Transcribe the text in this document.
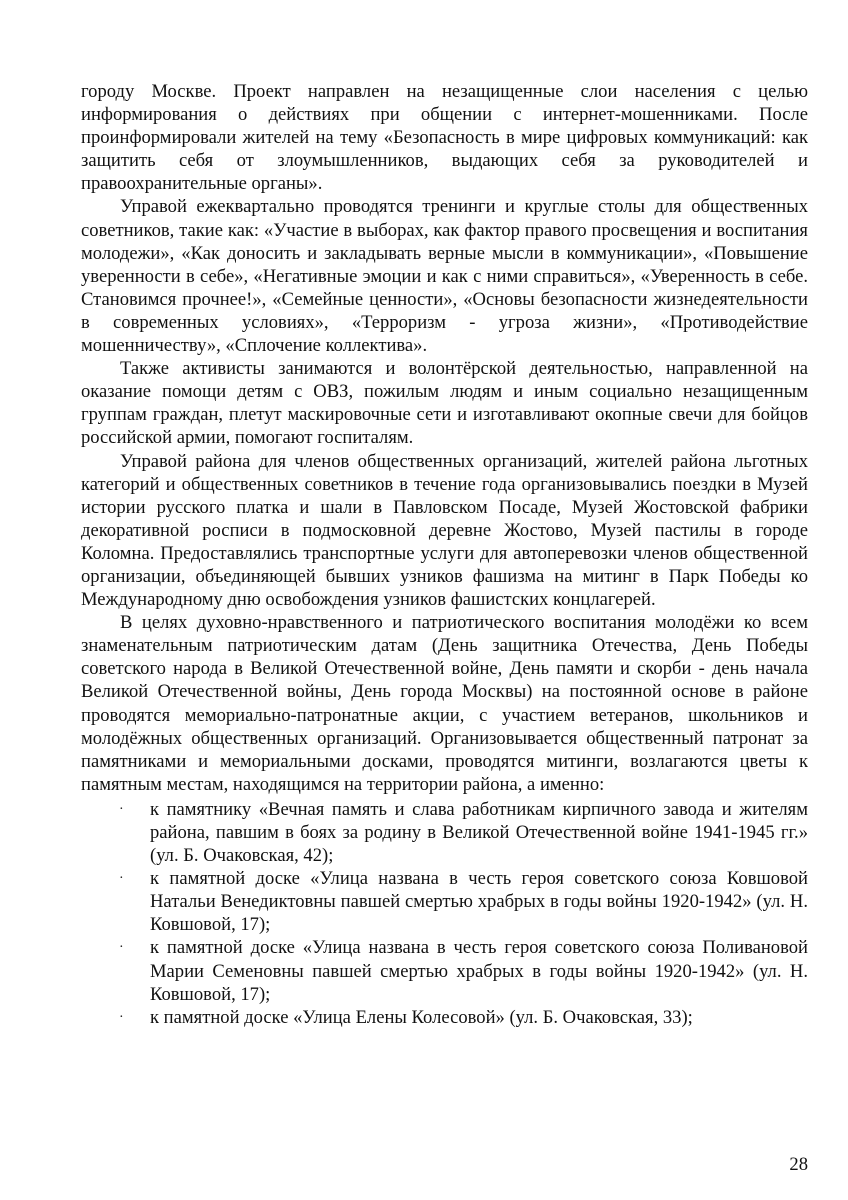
городу Москве. Проект направлен на незащищенные слои населения с целью информирования о действиях при общении с интернет-мошенниками. После проинформировали жителей на тему «Безопасность в мире цифровых коммуникаций: как защитить себя от злоумышленников, выдающих себя за руководителей и правоохранительные органы».

Управой ежеквартально проводятся тренинги и круглые столы для общественных советников, такие как: «Участие в выборах, как фактор правого просвещения и воспитания молодежи», «Как доносить и закладывать верные мысли в коммуникации», «Повышение уверенности в себе», «Негативные эмоции и как с ними справиться», «Уверенность в себе. Становимся прочнее!», «Семейные ценности», «Основы безопасности жизнедеятельности в современных условиях», «Терроризм - угроза жизни», «Противодействие мошенничеству», «Сплочение коллектива».

Также активисты занимаются и волонтёрской деятельностью, направленной на оказание помощи детям с ОВЗ, пожилым людям и иным социально незащищенным группам граждан, плетут маскировочные сети и изготавливают окопные свечи для бойцов российской армии, помогают госпиталям.

Управой района для членов общественных организаций, жителей района льготных категорий и общественных советников в течение года организовывались поездки в Музей истории русского платка и шали в Павловском Посаде, Музей Жостовской фабрики декоративной росписи в подмосковной деревне Жостово, Музей пастилы в городе Коломна. Предоставлялись транспортные услуги для автоперевозки членов общественной организации, объединяющей бывших узников фашизма на митинг в Парк Победы ко Международному дню освобождения узников фашистских концлагерей.

В целях духовно-нравственного и патриотического воспитания молодёжи ко всем знаменательным патриотическим датам (День защитника Отечества, День Победы советского народа в Великой Отечественной войне, День памяти и скорби - день начала Великой Отечественной войны, День города Москвы) на постоянной основе в районе проводятся мемориально-патронатные акции, с участием ветеранов, школьников и молодёжных общественных организаций. Организовывается общественный патронат за памятниками и мемориальными досками, проводятся митинги, возлагаются цветы к памятным местам, находящимся на территории района, а именно:

·	к памятнику «Вечная память и слава работникам кирпичного завода и жителям района, павшим в боях за родину в Великой Отечественной войне 1941-1945 гг.» (ул. Б. Очаковская, 42);
·	к памятной доске «Улица названа в честь героя советского союза Ковшовой Натальи Венедиктовны павшей смертью храбрых в годы войны 1920-1942» (ул. Н. Ковшовой, 17);
·	к памятной доске «Улица названа в честь героя советского союза Поливановой Марии Семеновны павшей смертью храбрых в годы войны 1920-1942» (ул. Н. Ковшовой, 17);
·	к памятной доске «Улица Елены Колесовой» (ул. Б. Очаковская, 33);
28
